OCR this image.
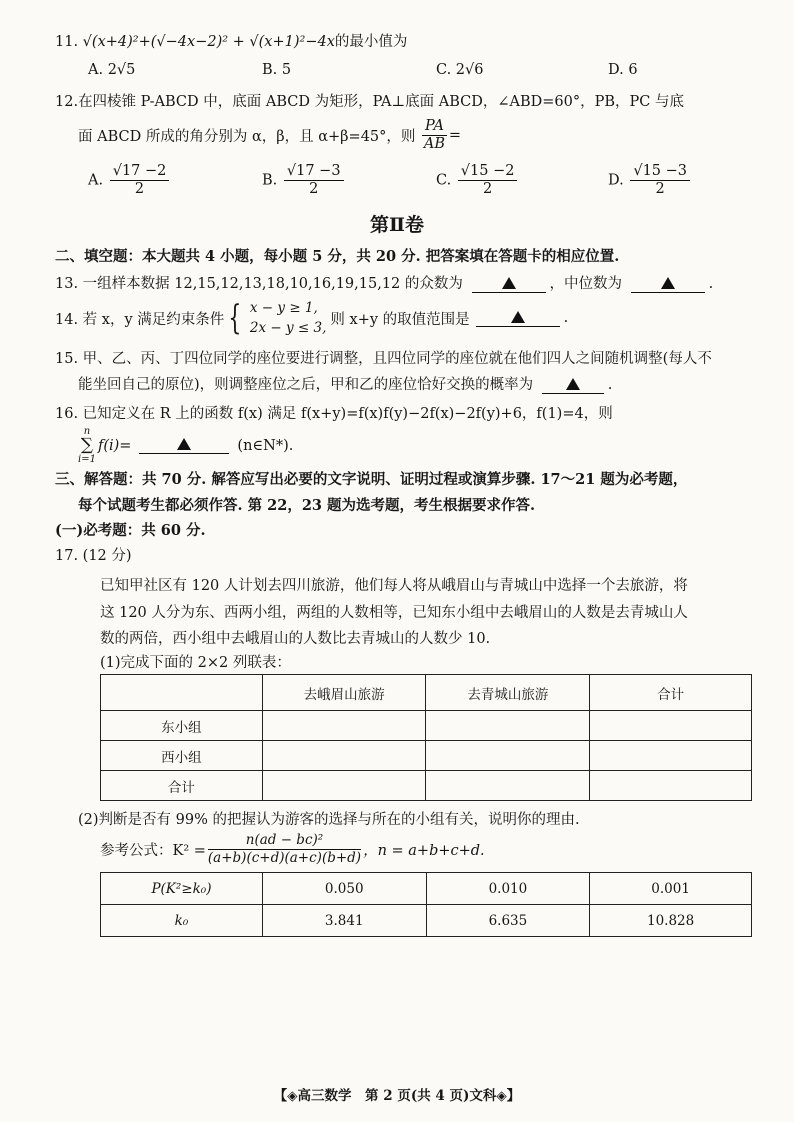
11. √(x+4)²+(√−4x−2)² + √(x+1)²−4x的最小值为
A. 2√5	B. 5	C. 2√6	D. 6
12.在四棱锥 P-ABCD 中，底面 ABCD 为矩形，PA⊥底面 ABCD，∠ABD=60°，PB，PC 与底
面 ABCD 所成的角分别为 α，β，且 α+β=45°，则 $\frac{PA}{AB}$ =
A. $\frac{√17 -2}{2}$	B. $\frac{√17 -3}{2}$	C. $\frac{√15 -2}{2}$	D. $\frac{√15 -3}{2}$
第Ⅱ卷
二、填空题：本大题共 4 小题，每小题 5 分，共 20 分. 把答案填在答题卡的相应位置.
13. 一组样本数据 12,15,12,13,18,10,16,19,15,12 的众数为	，中位数为	.
14. 若 x，y 满足约束条件 { x − y ≥ 1,
2x − y ≤ 3,
则 x+y 的取值范围是	.
15. 甲、乙、丙、丁四位同学的座位要进行调整，且四位同学的座位就在他们四人之间随机调整(每人不
能坐回自己的原位)，则调整座位之后，甲和乙的座位恰好交换的概率为	.
16. 已知定义在 R 上的函数 f(x) 满足 f(x+y)=f(x)f(y)−2f(x)−2f(y)+6，f(1)=4，则
n
∑
i=1
f(i)=	(n∈N*).
三、解答题：共 70 分. 解答应写出必要的文字说明、证明过程或演算步骤. 17～21 题为必考题，
每个试题考生都必须作答. 第 22，23 题为选考题，考生根据要求作答.
(一)必考题：共 60 分.
17. (12 分)
已知甲社区有 120 人计划去四川旅游，他们每人将从峨眉山与青城山中选择一个去旅游，将
这 120 人分为东、西两小组，两组的人数相等，已知东小组中去峨眉山的人数是去青城山人
数的两倍，西小组中去峨眉山的人数比去青城山的人数少 10.
(1)完成下面的 2×2 列联表：
	去峨眉山旅游	去青城山旅游	合计
东小组			
西小组			
合计			
(2)判断是否有 99% 的把握认为游客的选择与所在的小组有关，说明你的理由.
参考公式：$K^2 = \frac{\text{n(ad − bc)²}}{(a+b)(c+d)(a+c)(b+d)}$ ，n = a+b+c+d.
P(K²≥k₀)	0.050	0.010	0.001
k₀	3.841	6.635	10.828
【◈高三数学　第 2 页(共 4 页)文科◈】
